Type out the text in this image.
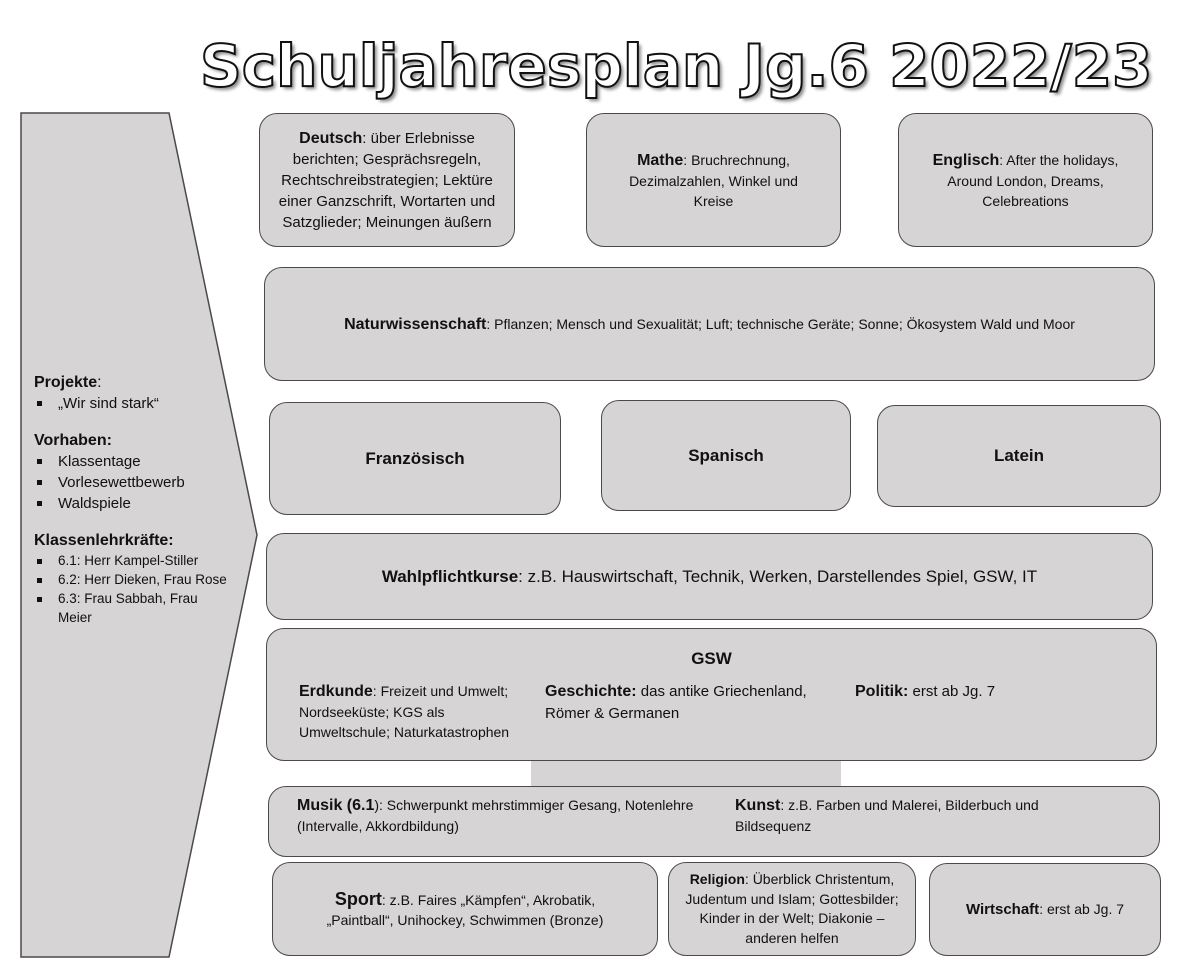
Schuljahresplan Jg.6 2022/23
Projekte:
„Wir sind stark“
Vorhaben:
Klassentage
Vorlesewettbewerb
Waldspiele
Klassenlehrkräfte:
6.1: Herr Kampel-Stiller
6.2: Herr Dieken, Frau Rose
6.3: Frau Sabbah, Frau Meier
Deutsch: über Erlebnisse berichten; Gesprächsregeln, Rechtschreibstrategien; Lektüre einer Ganzschrift, Wortarten und Satzglieder; Meinungen äußern
Mathe: Bruchrechnung, Dezimalzahlen, Winkel und Kreise
Englisch: After the holidays, Around London, Dreams, Celebreations
Naturwissenschaft: Pflanzen; Mensch und Sexualität; Luft; technische Geräte; Sonne; Ökosystem Wald und Moor
Französisch	Spanisch	Latein
Wahlpflichtkurse: z.B. Hauswirtschaft, Technik, Werken, Darstellendes Spiel, GSW, IT
GSW
Erdkunde: Freizeit und Umwelt; Nordseeküste; KGS als Umweltschule; Naturkatastrophen
Geschichte: das antike Griechenland, Römer & Germanen
Politik: erst ab Jg. 7
Musik (6.1): Schwerpunkt mehrstimmiger Gesang, Notenlehre (Intervalle, Akkordbildung)
Kunst: z.B. Farben und Malerei, Bilderbuch und Bildsequenz
Sport: z.B. Faires „Kämpfen“, Akrobatik, „Paintball“, Unihockey, Schwimmen (Bronze)
Religion: Überblick Christentum, Judentum und Islam; Gottesbilder; Kinder in der Welt; Diakonie – anderen helfen
Wirtschaft: erst ab Jg. 7
